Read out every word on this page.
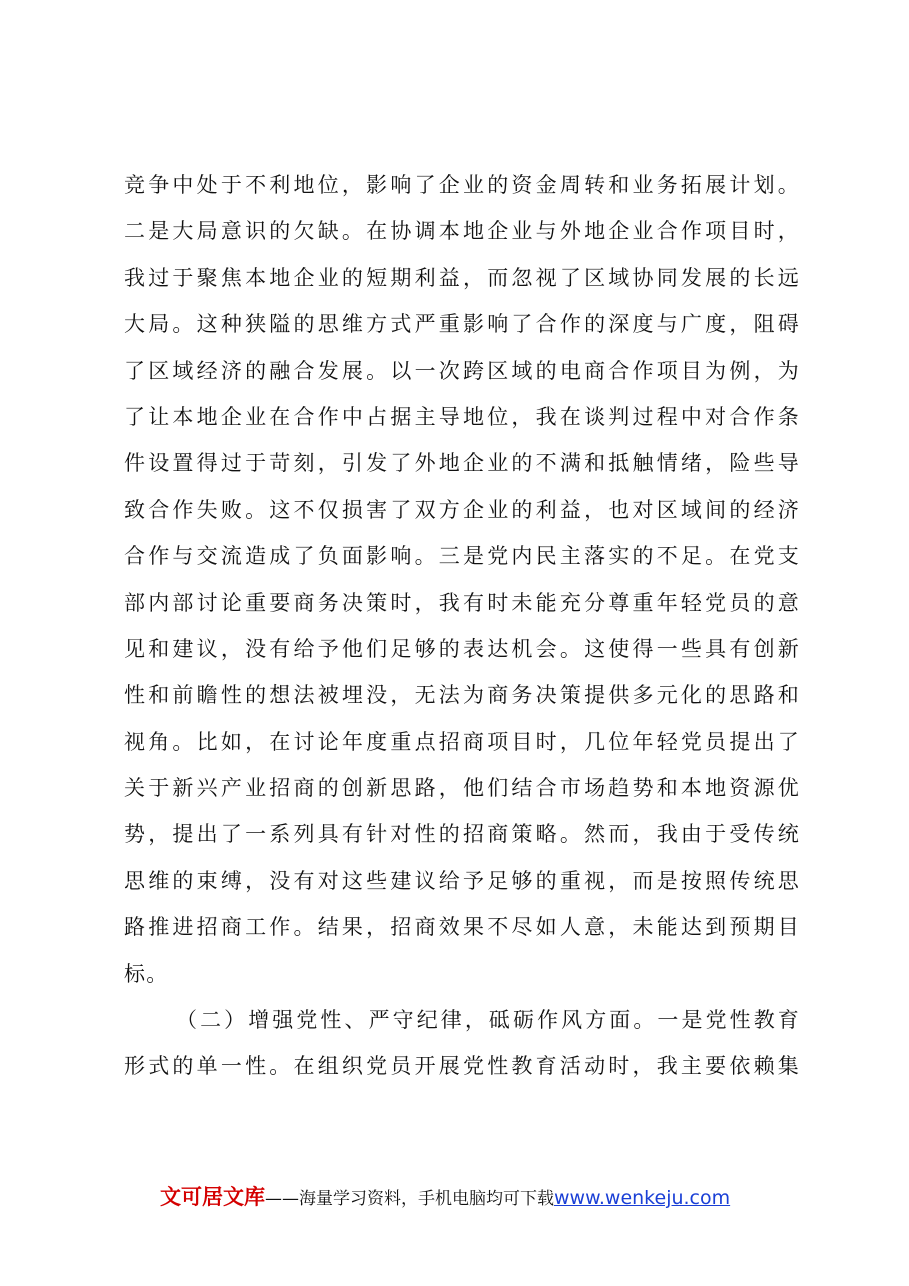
竞争中处于不利地位，影响了企业的资金周转和业务拓展计划。
二是大局意识的欠缺。在协调本地企业与外地企业合作项目时，
我过于聚焦本地企业的短期利益，而忽视了区域协同发展的长远
大局。这种狭隘的思维方式严重影响了合作的深度与广度，阻碍
了区域经济的融合发展。以一次跨区域的电商合作项目为例，为
了让本地企业在合作中占据主导地位，我在谈判过程中对合作条
件设置得过于苛刻，引发了外地企业的不满和抵触情绪，险些导
致合作失败。这不仅损害了双方企业的利益，也对区域间的经济
合作与交流造成了负面影响。三是党内民主落实的不足。在党支
部内部讨论重要商务决策时，我有时未能充分尊重年轻党员的意
见和建议，没有给予他们足够的表达机会。这使得一些具有创新
性和前瞻性的想法被埋没，无法为商务决策提供多元化的思路和
视角。比如，在讨论年度重点招商项目时，几位年轻党员提出了
关于新兴产业招商的创新思路，他们结合市场趋势和本地资源优
势，提出了一系列具有针对性的招商策略。然而，我由于受传统
思维的束缚，没有对这些建议给予足够的重视，而是按照传统思
路推进招商工作。结果，招商效果不尽如人意，未能达到预期目
标。
（二）增强党性、严守纪律，砥砺作风方面。一是党性教育
形式的单一性。在组织党员开展党性教育活动时，我主要依赖集
文可居文库——海量学习资料，手机电脑均可下载www.wenkeju.com
